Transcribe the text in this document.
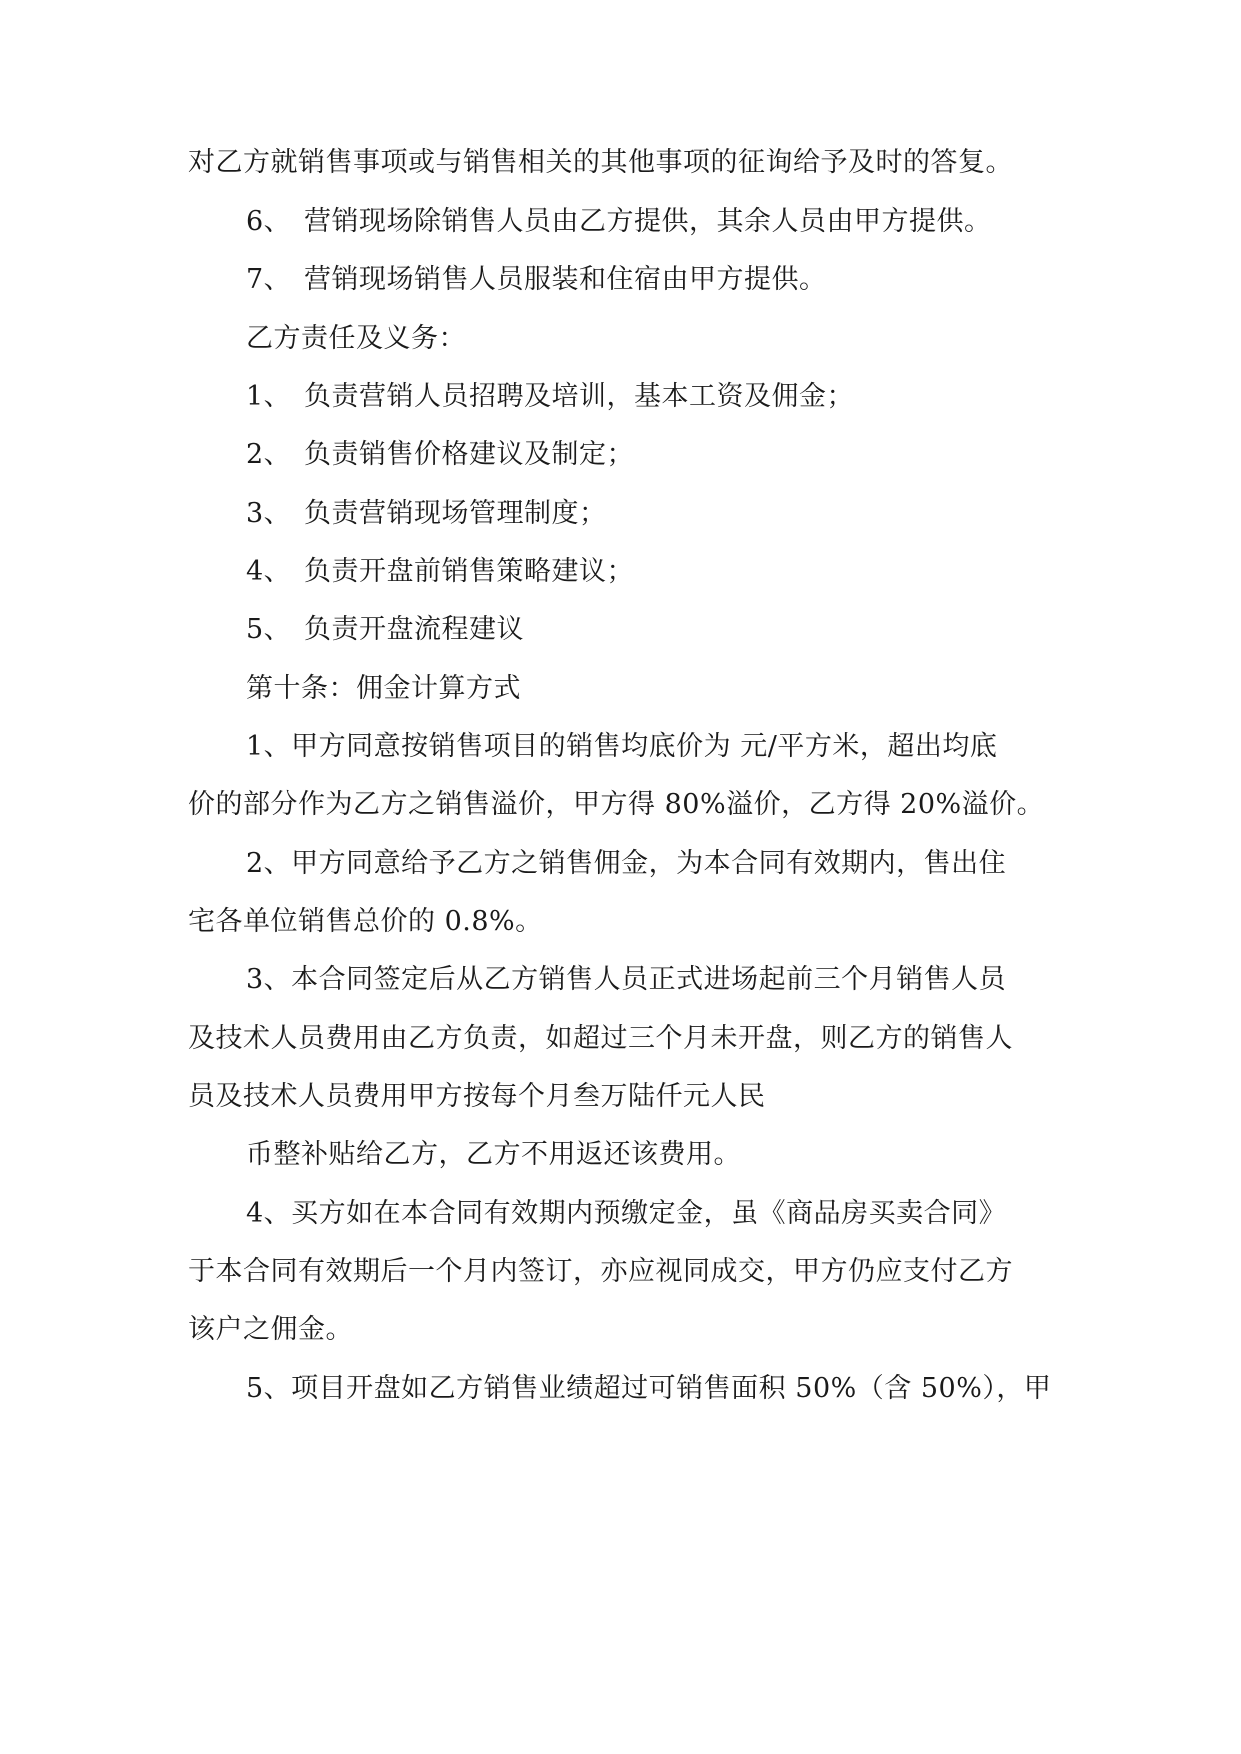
对乙方就销售事项或与销售相关的其他事项的征询给予及时的答复。
6、 营销现场除销售人员由乙方提供，其余人员由甲方提供。
7、 营销现场销售人员服装和住宿由甲方提供。
乙方责任及义务：
1、 负责营销人员招聘及培训，基本工资及佣金；
2、 负责销售价格建议及制定；
3、 负责营销现场管理制度；
4、 负责开盘前销售策略建议；
5、 负责开盘流程建议
第十条：佣金计算方式
1、甲方同意按销售项目的销售均底价为 元/平方米，超出均底
价的部分作为乙方之销售溢价，甲方得 80%溢价，乙方得 20%溢价。
2、甲方同意给予乙方之销售佣金，为本合同有效期内，售出住
宅各单位销售总价的 0.8%。
3、本合同签定后从乙方销售人员正式进场起前三个月销售人员
及技术人员费用由乙方负责，如超过三个月未开盘，则乙方的销售人
员及技术人员费用甲方按每个月叁万陆仟元人民
币整补贴给乙方，乙方不用返还该费用。
4、买方如在本合同有效期内预缴定金，虽《商品房买卖合同》
于本合同有效期后一个月内签订，亦应视同成交，甲方仍应支付乙方
该户之佣金。
5、项目开盘如乙方销售业绩超过可销售面积 50%（含 50%），甲
